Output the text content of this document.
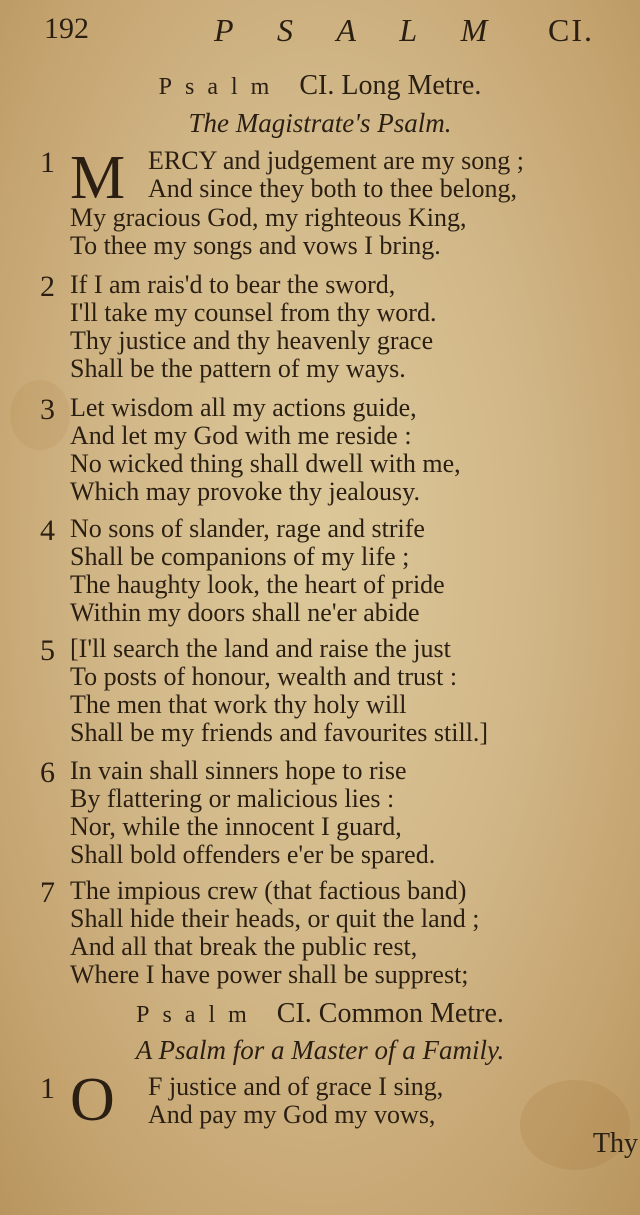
192	P S A L M CI.
Psalm CI. Long Metre.
The Magistrate's Psalm.
1 M ERCY and judgement are my song ;
And since they both to thee belong,
My gracious God, my righteous King,
To thee my songs and vows I bring.
2 If I am rais'd to bear the sword,
I'll take my counsel from thy word.
Thy justice and thy heavenly grace
Shall be the pattern of my ways.
3 Let wisdom all my actions guide,
And let my God with me reside :
No wicked thing shall dwell with me,
Which may provoke thy jealousy.
4 No sons of slander, rage and strife
Shall be companions of my life ;
The haughty look, the heart of pride
Within my doors shall ne'er abide
5 [I'll search the land and raise the just
To posts of honour, wealth and trust :
The men that work thy holy will
Shall be my friends and favourites still.]
6 In vain shall sinners hope to rise
By flattering or malicious lies :
Nor, while the innocent I guard,
Shall bold offenders e'er be spared.
7 The impious crew (that factious band)
Shall hide their heads, or quit the land ;
And all that break the public rest,
Where I have power shall be supprest;
Psalm CI. Common Metre.
A Psalm for a Master of a Family.
1 O F justice and of grace I sing,
And pay my God my vows,
Thy
